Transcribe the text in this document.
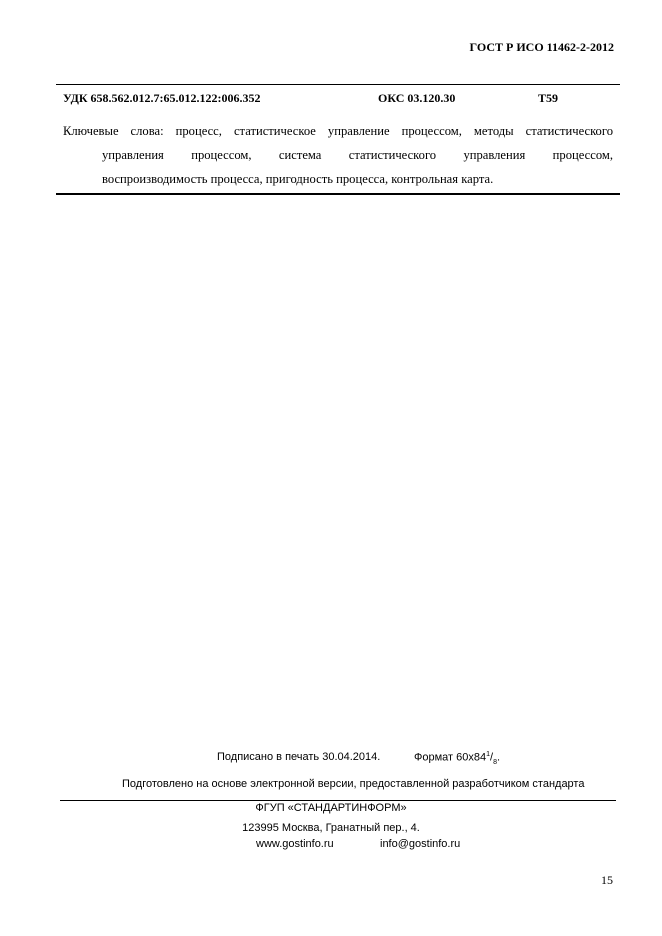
ГОСТ Р ИСО 11462-2-2012
УДК 658.562.012.7:65.012.122:006.352	ОКС 03.120.30	Т59
Ключевые слова: процесс, статистическое управление процессом, методы статистического
управления процессом, система статистического управления процессом,
воспроизводимость процесса, пригодность процесса, контрольная карта.
Подписано в печать 30.04.2014.	Формат $60х84^1/_8$.
Подготовлено на основе электронной версии, предоставленной разработчиком стандарта
ФГУП «СТАНДАРТИНФОРМ»
123995 Москва, Гранатный пер., 4.
www.gostinfo.ru	info@gostinfo.ru
15
